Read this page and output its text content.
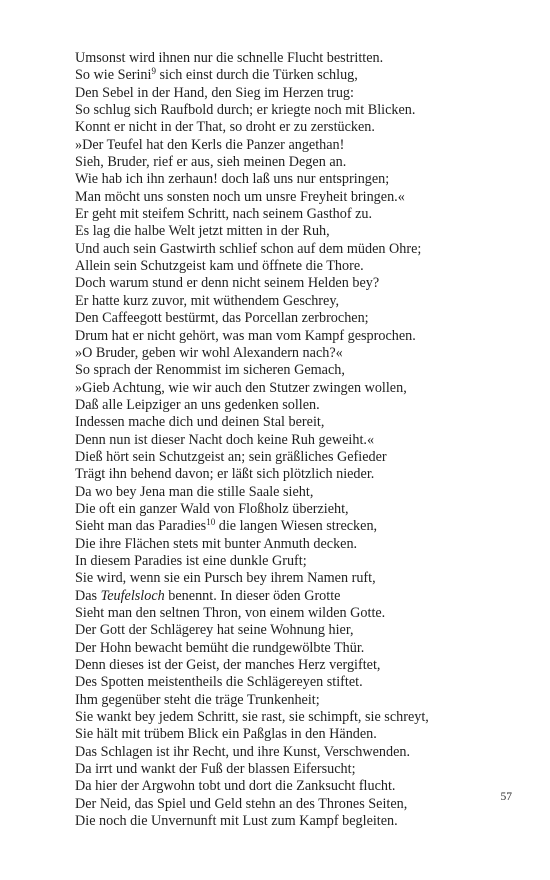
Umsonst wird ihnen nur die schnelle Flucht bestritten.
So wie Serini$^9$ sich einst durch die Türken schlug,
Den Sebel in der Hand, den Sieg im Herzen trug:
So schlug sich Raufbold durch; er kriegte noch mit Blicken.
Konnt er nicht in der That, so droht er zu zerstücken.
»Der Teufel hat den Kerls die Panzer angethan!
Sieh, Bruder, rief er aus, sieh meinen Degen an.
Wie hab ich ihn zerhaun! doch laß uns nur entspringen;
Man möcht uns sonsten noch um unsre Freyheit bringen.«
Er geht mit steifem Schritt, nach seinem Gasthof zu.
Es lag die halbe Welt jetzt mitten in der Ruh,
Und auch sein Gastwirth schlief schon auf dem müden Ohre;
Allein sein Schutzgeist kam und öffnete die Thore.
Doch warum stund er denn nicht seinem Helden bey?
Er hatte kurz zuvor, mit wüthendem Geschrey,
Den Caffeegott bestürmt, das Porcellan zerbrochen;
Drum hat er nicht gehört, was man vom Kampf gesprochen.
»O Bruder, geben wir wohl Alexandern nach?«
So sprach der Renommist im sicheren Gemach,
»Gieb Achtung, wie wir auch den Stutzer zwingen wollen,
Daß alle Leipziger an uns gedenken sollen.
Indessen mache dich und deinen Stal bereit,
Denn nun ist dieser Nacht doch keine Ruh geweiht.«
Dieß hört sein Schutzgeist an; sein gräßliches Gefieder
Trägt ihn behend davon; er läßt sich plötzlich nieder.
Da wo bey Jena man die stille Saale sieht,
Die oft ein ganzer Wald von Floßholz überzieht,
Sieht man das Paradies$^{10}$ die langen Wiesen strecken,
Die ihre Flächen stets mit bunter Anmuth decken.
In diesem Paradies ist eine dunkle Gruft;
Sie wird, wenn sie ein Pursch bey ihrem Namen ruft,
Das Teufelsloch benennt. In dieser öden Grotte
Sieht man den seltnen Thron, von einem wilden Gotte.
Der Gott der Schlägerey hat seine Wohnung hier,
Der Hohn bewacht bemüht die rundgewölbte Thür.
Denn dieses ist der Geist, der manches Herz vergiftet,
Des Spotten meistentheils die Schlägereyen stiftet.
Ihm gegenüber steht die träge Trunkenheit;
Sie wankt bey jedem Schritt, sie rast, sie schimpft, sie schreyt,
Sie hält mit trübem Blick ein Paßglas in den Händen.
Das Schlagen ist ihr Recht, und ihre Kunst, Verschwenden.
Da irrt und wankt der Fuß der blassen Eifersucht;
Da hier der Argwohn tobt und dort die Zanksucht flucht.
Der Neid, das Spiel und Geld stehn an des Thrones Seiten,
Die noch die Unvernunft mit Lust zum Kampf begleiten.
57
